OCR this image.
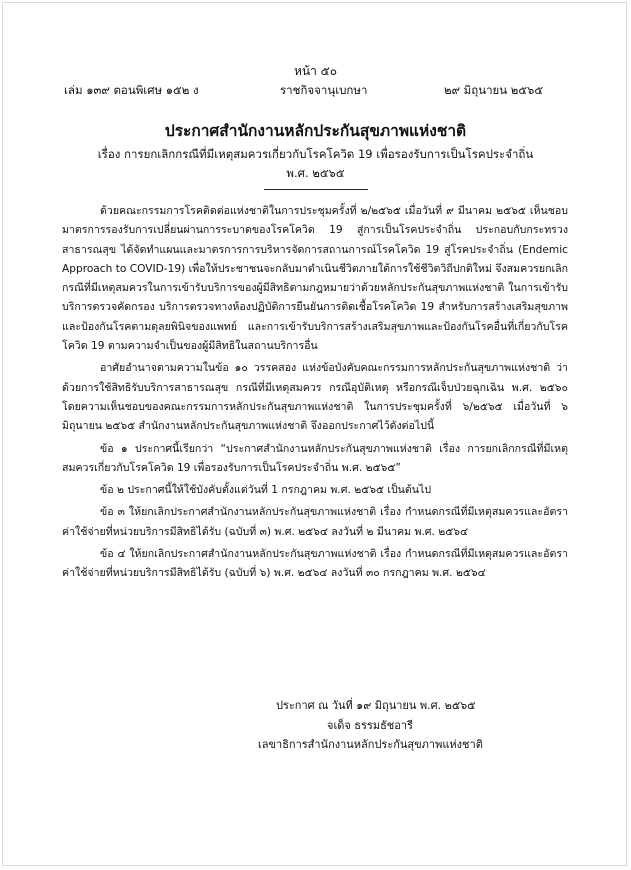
หน้า ๕๐
เล่ม ๑๓๙ ตอนพิเศษ ๑๕๒ ง	ราชกิจจานุเบกษา	๒๙ มิถุนายน ๒๕๖๕
ประกาศสำนักงานหลักประกันสุขภาพแห่งชาติ
เรื่อง การยกเลิกกรณีที่มีเหตุสมควรเกี่ยวกับโรคโควิด 19 เพื่อรองรับการเป็นโรคประจำถิ่น
พ.ศ. ๒๕๖๕

ด้วยคณะกรรมการโรคติดต่อแห่งชาติในการประชุมครั้งที่ ๒/๒๕๖๕ เมื่อวันที่ ๙ มีนาคม ๒๕๖๕ เห็นชอบมาตรการรองรับการเปลี่ยนผ่านการระบาดของโรคโควิด 19 สู่การเป็นโรคประจำถิ่น ประกอบกับกระทรวงสาธารณสุข ได้จัดทำแผนและมาตรการการบริหารจัดการสถานการณ์โรคโควิด 19 สู่โรคประจำถิ่น (Endemic Approach to COVID-19) เพื่อให้ประชาชนจะกลับมาดำเนินชีวิตภายใต้การใช้ชีวิตวิถีปกติใหม่ จึงสมควรยกเลิกกรณีที่มีเหตุสมควรในการเข้ารับบริการของผู้มีสิทธิตามกฎหมายว่าด้วยหลักประกันสุขภาพแห่งชาติ ในการเข้ารับบริการตรวจคัดกรอง บริการตรวจทางห้องปฏิบัติการยืนยันการติดเชื้อโรคโควิด 19 สำหรับการสร้างเสริมสุขภาพและป้องกันโรคตามดุลยพินิจของแพทย์ และการเข้ารับบริการสร้างเสริมสุขภาพและป้องกันโรคอื่นที่เกี่ยวกับโรคโควิด 19 ตามความจำเป็นของผู้มีสิทธิในสถานบริการอื่น

อาศัยอำนาจตามความในข้อ ๑๐ วรรคสอง แห่งข้อบังคับคณะกรรมการหลักประกันสุขภาพแห่งชาติ ว่าด้วยการใช้สิทธิรับบริการสาธารณสุข กรณีที่มีเหตุสมควร กรณีอุบัติเหตุ หรือกรณีเจ็บป่วยฉุกเฉิน พ.ศ. ๒๕๖๐ โดยความเห็นชอบของคณะกรรมการหลักประกันสุขภาพแห่งชาติ ในการประชุมครั้งที่ ๖/๒๕๖๕ เมื่อวันที่ ๖ มิถุนายน ๒๕๖๕ สำนักงานหลักประกันสุขภาพแห่งชาติ จึงออกประกาศไว้ดังต่อไปนี้

ข้อ ๑ ประกาศนี้เรียกว่า “ประกาศสำนักงานหลักประกันสุขภาพแห่งชาติ เรื่อง การยกเลิกกรณีที่มีเหตุสมควรเกี่ยวกับโรคโควิด 19 เพื่อรองรับการเป็นโรคประจำถิ่น พ.ศ. ๒๕๖๕”

ข้อ ๒ ประกาศนี้ให้ใช้บังคับตั้งแต่วันที่ 1 กรกฎาคม พ.ศ. ๒๕๖๕ เป็นต้นไป

ข้อ ๓ ให้ยกเลิกประกาศสำนักงานหลักประกันสุขภาพแห่งชาติ เรื่อง กำหนดกรณีที่มีเหตุสมควรและอัตราค่าใช้จ่ายที่หน่วยบริการมีสิทธิได้รับ (ฉบับที่ ๓) พ.ศ. ๒๕๖๔ ลงวันที่ ๒ มีนาคม พ.ศ. ๒๕๖๔

ข้อ ๔ ให้ยกเลิกประกาศสำนักงานหลักประกันสุขภาพแห่งชาติ เรื่อง กำหนดกรณีที่มีเหตุสมควรและอัตราค่าใช้จ่ายที่หน่วยบริการมีสิทธิได้รับ (ฉบับที่ ๖) พ.ศ. ๒๕๖๔ ลงวันที่ ๓๐ กรกฎาคม พ.ศ. ๒๕๖๔

ประกาศ ณ วันที่ ๑๙ มิถุนายน พ.ศ. ๒๕๖๕
จเด็จ ธรรมธัชอารี
เลขาธิการสำนักงานหลักประกันสุขภาพแห่งชาติ
